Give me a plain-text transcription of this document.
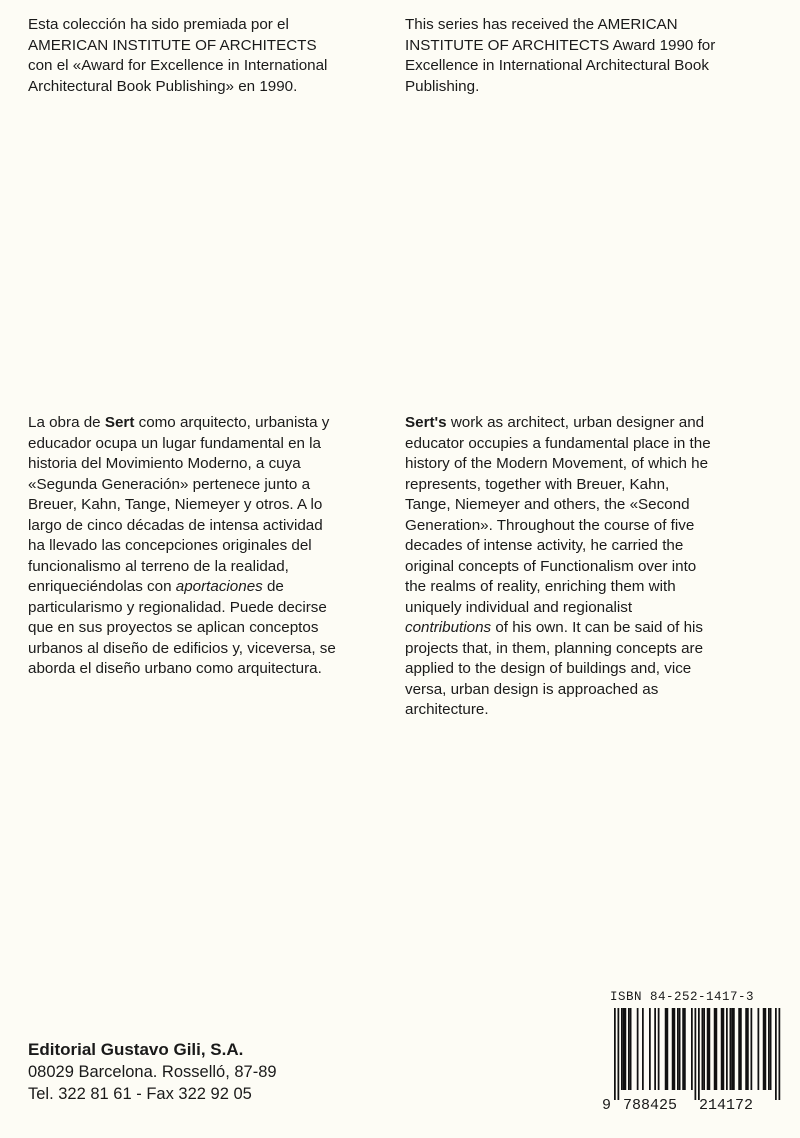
Esta colección ha sido premiada por el
AMERICAN INSTITUTE OF ARCHITECTS
con el «Award for Excellence in International
Architectural Book Publishing» en 1990.
This series has received the AMERICAN
INSTITUTE OF ARCHITECTS Award 1990 for
Excellence in International Architectural Book
Publishing.
La obra de Sert como arquitecto, urbanista y
educador ocupa un lugar fundamental en la
historia del Movimiento Moderno, a cuya
«Segunda Generación» pertenece junto a
Breuer, Kahn, Tange, Niemeyer y otros. A lo
largo de cinco décadas de intensa actividad
ha llevado las concepciones originales del
funcionalismo al terreno de la realidad,
enriqueciéndolas con aportaciones de
particularismo y regionalidad. Puede decirse
que en sus proyectos se aplican conceptos
urbanos al diseño de edificios y, viceversa, se
aborda el diseño urbano como arquitectura.
Sert's work as architect, urban designer and
educator occupies a fundamental place in the
history of the Modern Movement, of which he
represents, together with Breuer, Kahn,
Tange, Niemeyer and others, the «Second
Generation». Throughout the course of five
decades of intense activity, he carried the
original concepts of Functionalism over into
the realms of reality, enriching them with
uniquely individual and regionalist
contributions of his own. It can be said of his
projects that, in them, planning concepts are
applied to the design of buildings and, vice
versa, urban design is approached as
architecture.
Editorial Gustavo Gili, S.A.
08029 Barcelona. Rosselló, 87-89
Tel. 322 81 61 - Fax 322 92 05
ISBN 84-252-1417-3
9 788425 214172
